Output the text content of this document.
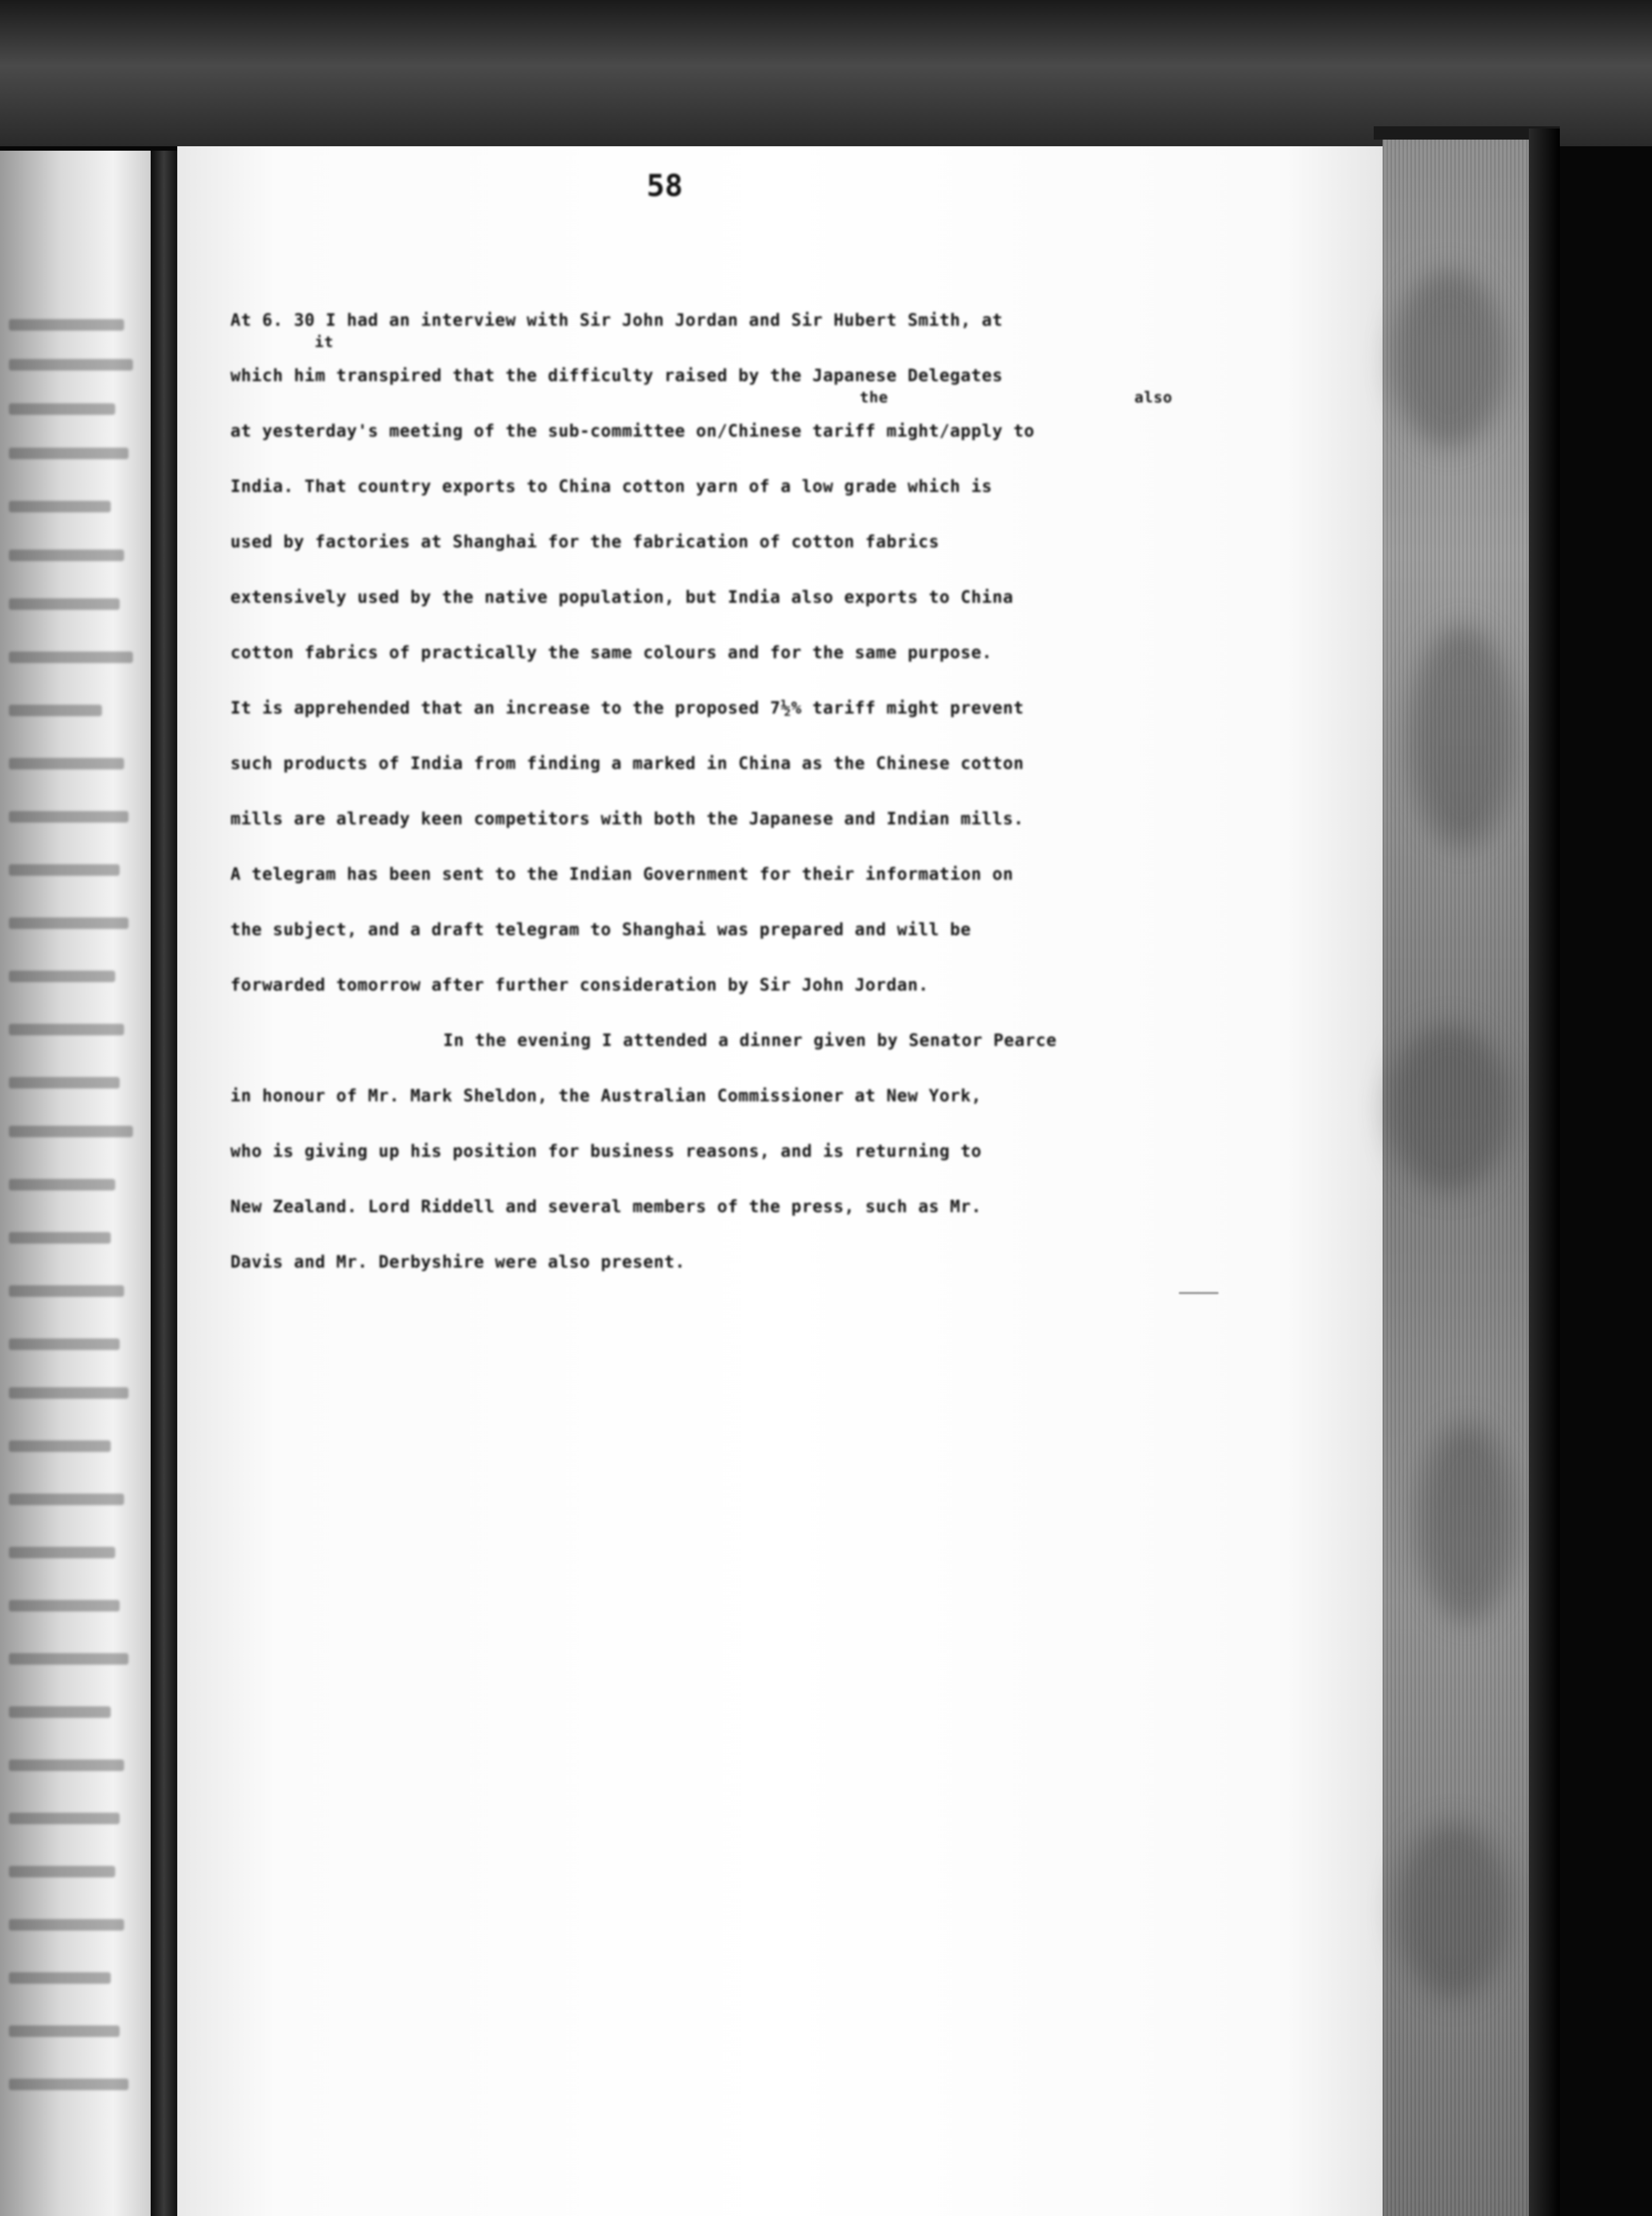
58
At 6. 30 I had an interview with Sir John Jordan and Sir Hubert Smith, at
it
which him transpired that the difficulty raised by the Japanese Delegates
the	also
at yesterday's meeting of the sub-committee on/Chinese tariff might/apply to
India. That country exports to China cotton yarn of a low grade which is
used by factories at Shanghai for the fabrication of cotton fabrics
extensively used by the native population, but India also exports to China
cotton fabrics of practically the same colours and for the same purpose.
It is apprehended that an increase to the proposed 7½% tariff might prevent
such products of India from finding a marked in China as the Chinese cotton
mills are already keen competitors with both the Japanese and Indian mills.
A telegram has been sent to the Indian Government for their information on
the subject, and a draft telegram to Shanghai was prepared and will be
forwarded tomorrow after further consideration by Sir John Jordan.
In the evening I attended a dinner given by Senator Pearce
in honour of Mr. Mark Sheldon, the Australian Commissioner at New York,
who is giving up his position for business reasons, and is returning to
New Zealand. Lord Riddell and several members of the press, such as Mr.
Davis and Mr. Derbyshire were also present.
